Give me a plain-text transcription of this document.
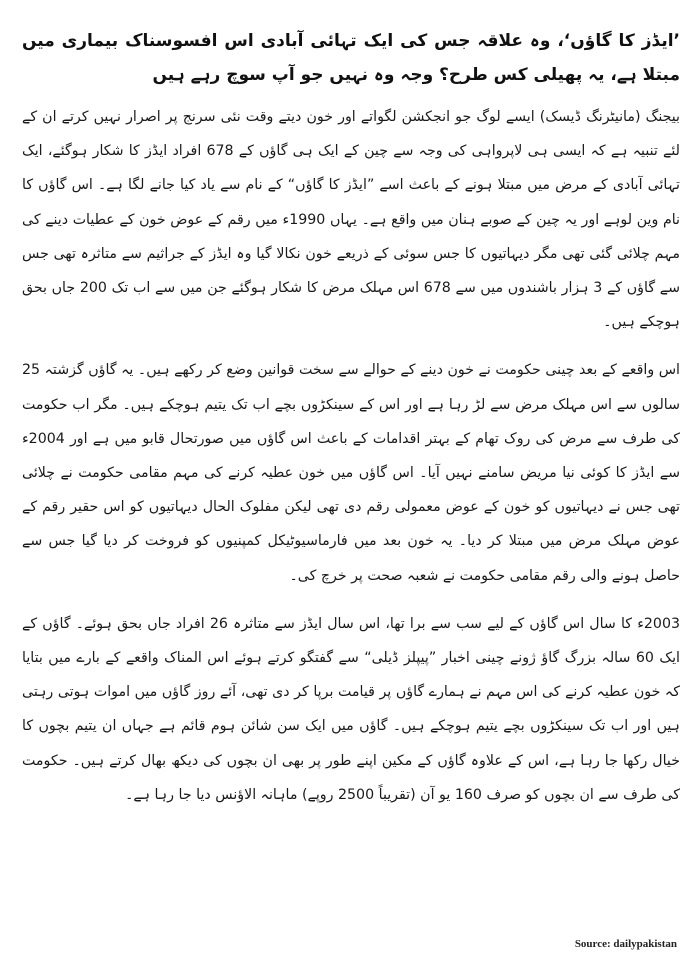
’ایڈز کا گاؤں‘، وہ علاقہ جس کی ایک تہائی آبادی اس افسوسناک بیماری میں مبتلا ہے، یہ پھیلی کس طرح؟ وجہ وہ نہیں جو آپ سوچ رہے ہیں

بیجنگ (مانیٹرنگ ڈیسک) ایسے لوگ جو انجکشن لگواتے اور خون دیتے وقت نئی سرنج پر اصرار نہیں کرتے ان کے لئے تنبیہ ہے کہ ایسی ہی لاپرواہی کی وجہ سے چین کے ایک ہی گاؤں کے 678 افراد ایڈز کا شکار ہوگئے، ایک تہائی آبادی کے مرض میں مبتلا ہونے کے باعث اسے ”ایڈز کا گاؤں“ کے نام سے یاد کیا جانے لگا ہے۔ اس گاؤں کا نام وین لوہے اور یہ چین کے صوبے ہنان میں واقع ہے۔ یہاں 1990ء میں رقم کے عوض خون کے عطیات دینے کی مہم چلائی گئی تھی مگر دیہاتیوں کا جس سوئی کے ذریعے خون نکالا گیا وہ ایڈز کے جراثیم سے متاثرہ تھی جس سے گاؤں کے 3 ہزار باشندوں میں سے 678 اس مہلک مرض کا شکار ہوگئے جن میں سے اب تک 200 جاں بحق ہوچکے ہیں۔

اس واقعے کے بعد چینی حکومت نے خون دینے کے حوالے سے سخت قوانین وضع کر رکھے ہیں۔ یہ گاؤں گزشتہ 25 سالوں سے اس مہلک مرض سے لڑ رہا ہے اور اس کے سینکڑوں بچے اب تک یتیم ہوچکے ہیں۔ مگر اب حکومت کی طرف سے مرض کی روک تھام کے بہتر اقدامات کے باعث اس گاؤں میں صورتحال قابو میں ہے اور 2004ء سے ایڈز کا کوئی نیا مریض سامنے نہیں آیا۔ اس گاؤں میں خون عطیہ کرنے کی مہم مقامی حکومت نے چلائی تھی جس نے دیہاتیوں کو خون کے عوض معمولی رقم دی تھی لیکن مفلوک الحال دیہاتیوں کو اس حقیر رقم کے عوض مہلک مرض میں مبتلا کر دیا۔ یہ خون بعد میں فارماسیوٹیکل کمپنیوں کو فروخت کر دیا گیا جس سے حاصل ہونے والی رقم مقامی حکومت نے شعبہ صحت پر خرچ کی۔

2003ء کا سال اس گاؤں کے لیے سب سے برا تھا، اس سال ایڈز سے متاثرہ 26 افراد جاں بحق ہوئے۔ گاؤں کے ایک 60 سالہ بزرگ گاؤ ژونے چینی اخبار ”پیپلز ڈیلی“ سے گفتگو کرتے ہوئے اس المناک واقعے کے بارے میں بتایا کہ خون عطیہ کرنے کی اس مہم نے ہمارے گاؤں پر قیامت برپا کر دی تھی، آئے روز گاؤں میں اموات ہوتی رہتی ہیں اور اب تک سینکڑوں بچے یتیم ہوچکے ہیں۔ گاؤں میں ایک سن شائن ہوم قائم ہے جہاں ان یتیم بچوں کا خیال رکھا جا رہا ہے، اس کے علاوہ گاؤں کے مکین اپنے طور پر بھی ان بچوں کی دیکھ بھال کرتے ہیں۔ حکومت کی طرف سے ان بچوں کو صرف 160 یو آن (تقریباً 2500 روپے) ماہانہ الاؤنس دیا جا رہا ہے۔

Source: dailypakistan
